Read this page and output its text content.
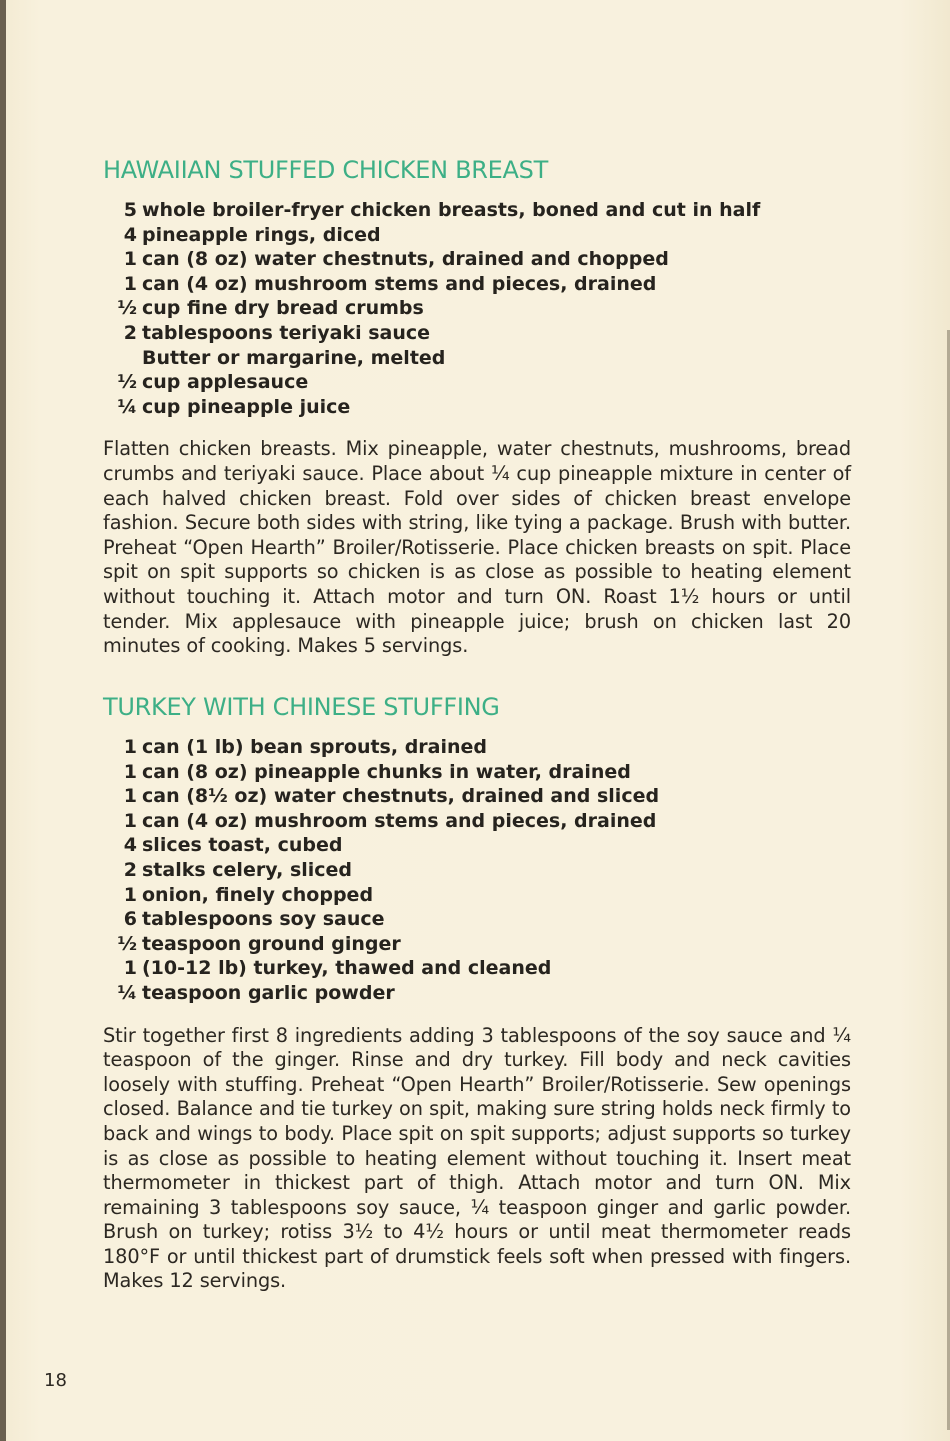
HAWAIIAN STUFFED CHICKEN BREAST
5 whole broiler-fryer chicken breasts, boned and cut in half
4 pineapple rings, diced
1 can (8 oz) water chestnuts, drained and chopped
1 can (4 oz) mushroom stems and pieces, drained
½ cup fine dry bread crumbs
2 tablespoons teriyaki sauce
Butter or margarine, melted
½ cup applesauce
¼ cup pineapple juice

Flatten chicken breasts. Mix pineapple, water chestnuts, mushrooms, bread crumbs and teriyaki sauce. Place about ¼ cup pineapple mixture in center of each halved chicken breast. Fold over sides of chicken breast envelope fashion. Secure both sides with string, like tying a package. Brush with butter. Preheat “Open Hearth” Broiler/Rotisserie. Place chicken breasts on spit. Place spit on spit supports so chicken is as close as possible to heating element without touching it. Attach motor and turn ON. Roast 1½ hours or until tender. Mix applesauce with pineapple juice; brush on chicken last 20 minutes of cooking. Makes 5 servings.

TURKEY WITH CHINESE STUFFING
1 can (1 lb) bean sprouts, drained
1 can (8 oz) pineapple chunks in water, drained
1 can (8½ oz) water chestnuts, drained and sliced
1 can (4 oz) mushroom stems and pieces, drained
4 slices toast, cubed
2 stalks celery, sliced
1 onion, finely chopped
6 tablespoons soy sauce
½ teaspoon ground ginger
1 (10-12 lb) turkey, thawed and cleaned
¼ teaspoon garlic powder

Stir together first 8 ingredients adding 3 tablespoons of the soy sauce and ¼ teaspoon of the ginger. Rinse and dry turkey. Fill body and neck cavities loosely with stuffing. Preheat “Open Hearth” Broiler/Rotisserie. Sew openings closed. Balance and tie turkey on spit, making sure string holds neck firmly to back and wings to body. Place spit on spit supports; adjust supports so turkey is as close as possible to heating element without touching it. Insert meat thermometer in thickest part of thigh. Attach motor and turn ON. Mix remaining 3 tablespoons soy sauce, ¼ teaspoon ginger and garlic powder. Brush on turkey; rotiss 3½ to 4½ hours or until meat thermometer reads 180°F or until thickest part of drumstick feels soft when pressed with fingers. Makes 12 servings.

18
